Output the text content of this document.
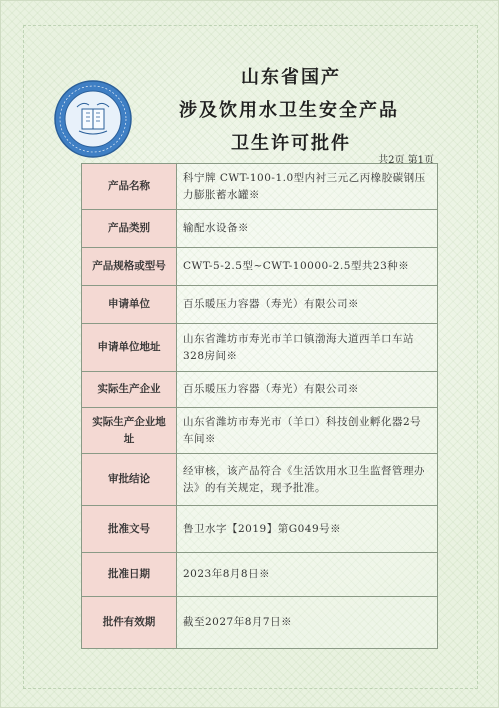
山东省国产
涉及饮用水卫生安全产品
卫生许可批件
共2页 第1页
产品名称	科宁牌 CWT-100-1.0型内衬三元乙丙橡胶碳钢压力膨胀蓄水罐※
产品类别	输配水设备※
产品规格或型号	CWT-5-2.5型~CWT-10000-2.5型共23种※
申请单位	百乐暖压力容器（寿光）有限公司※
申请单位地址	山东省潍坊市寿光市羊口镇渤海大道西羊口车站328房间※
实际生产企业	百乐暖压力容器（寿光）有限公司※
实际生产企业地址	山东省潍坊市寿光市（羊口）科技创业孵化器2号车间※
审批结论	经审核，该产品符合《生活饮用水卫生监督管理办法》的有关规定，现予批准。
批准文号	鲁卫水字【2019】第G049号※
批准日期	2023年8月8日※
批件有效期	截至2027年8月7日※
